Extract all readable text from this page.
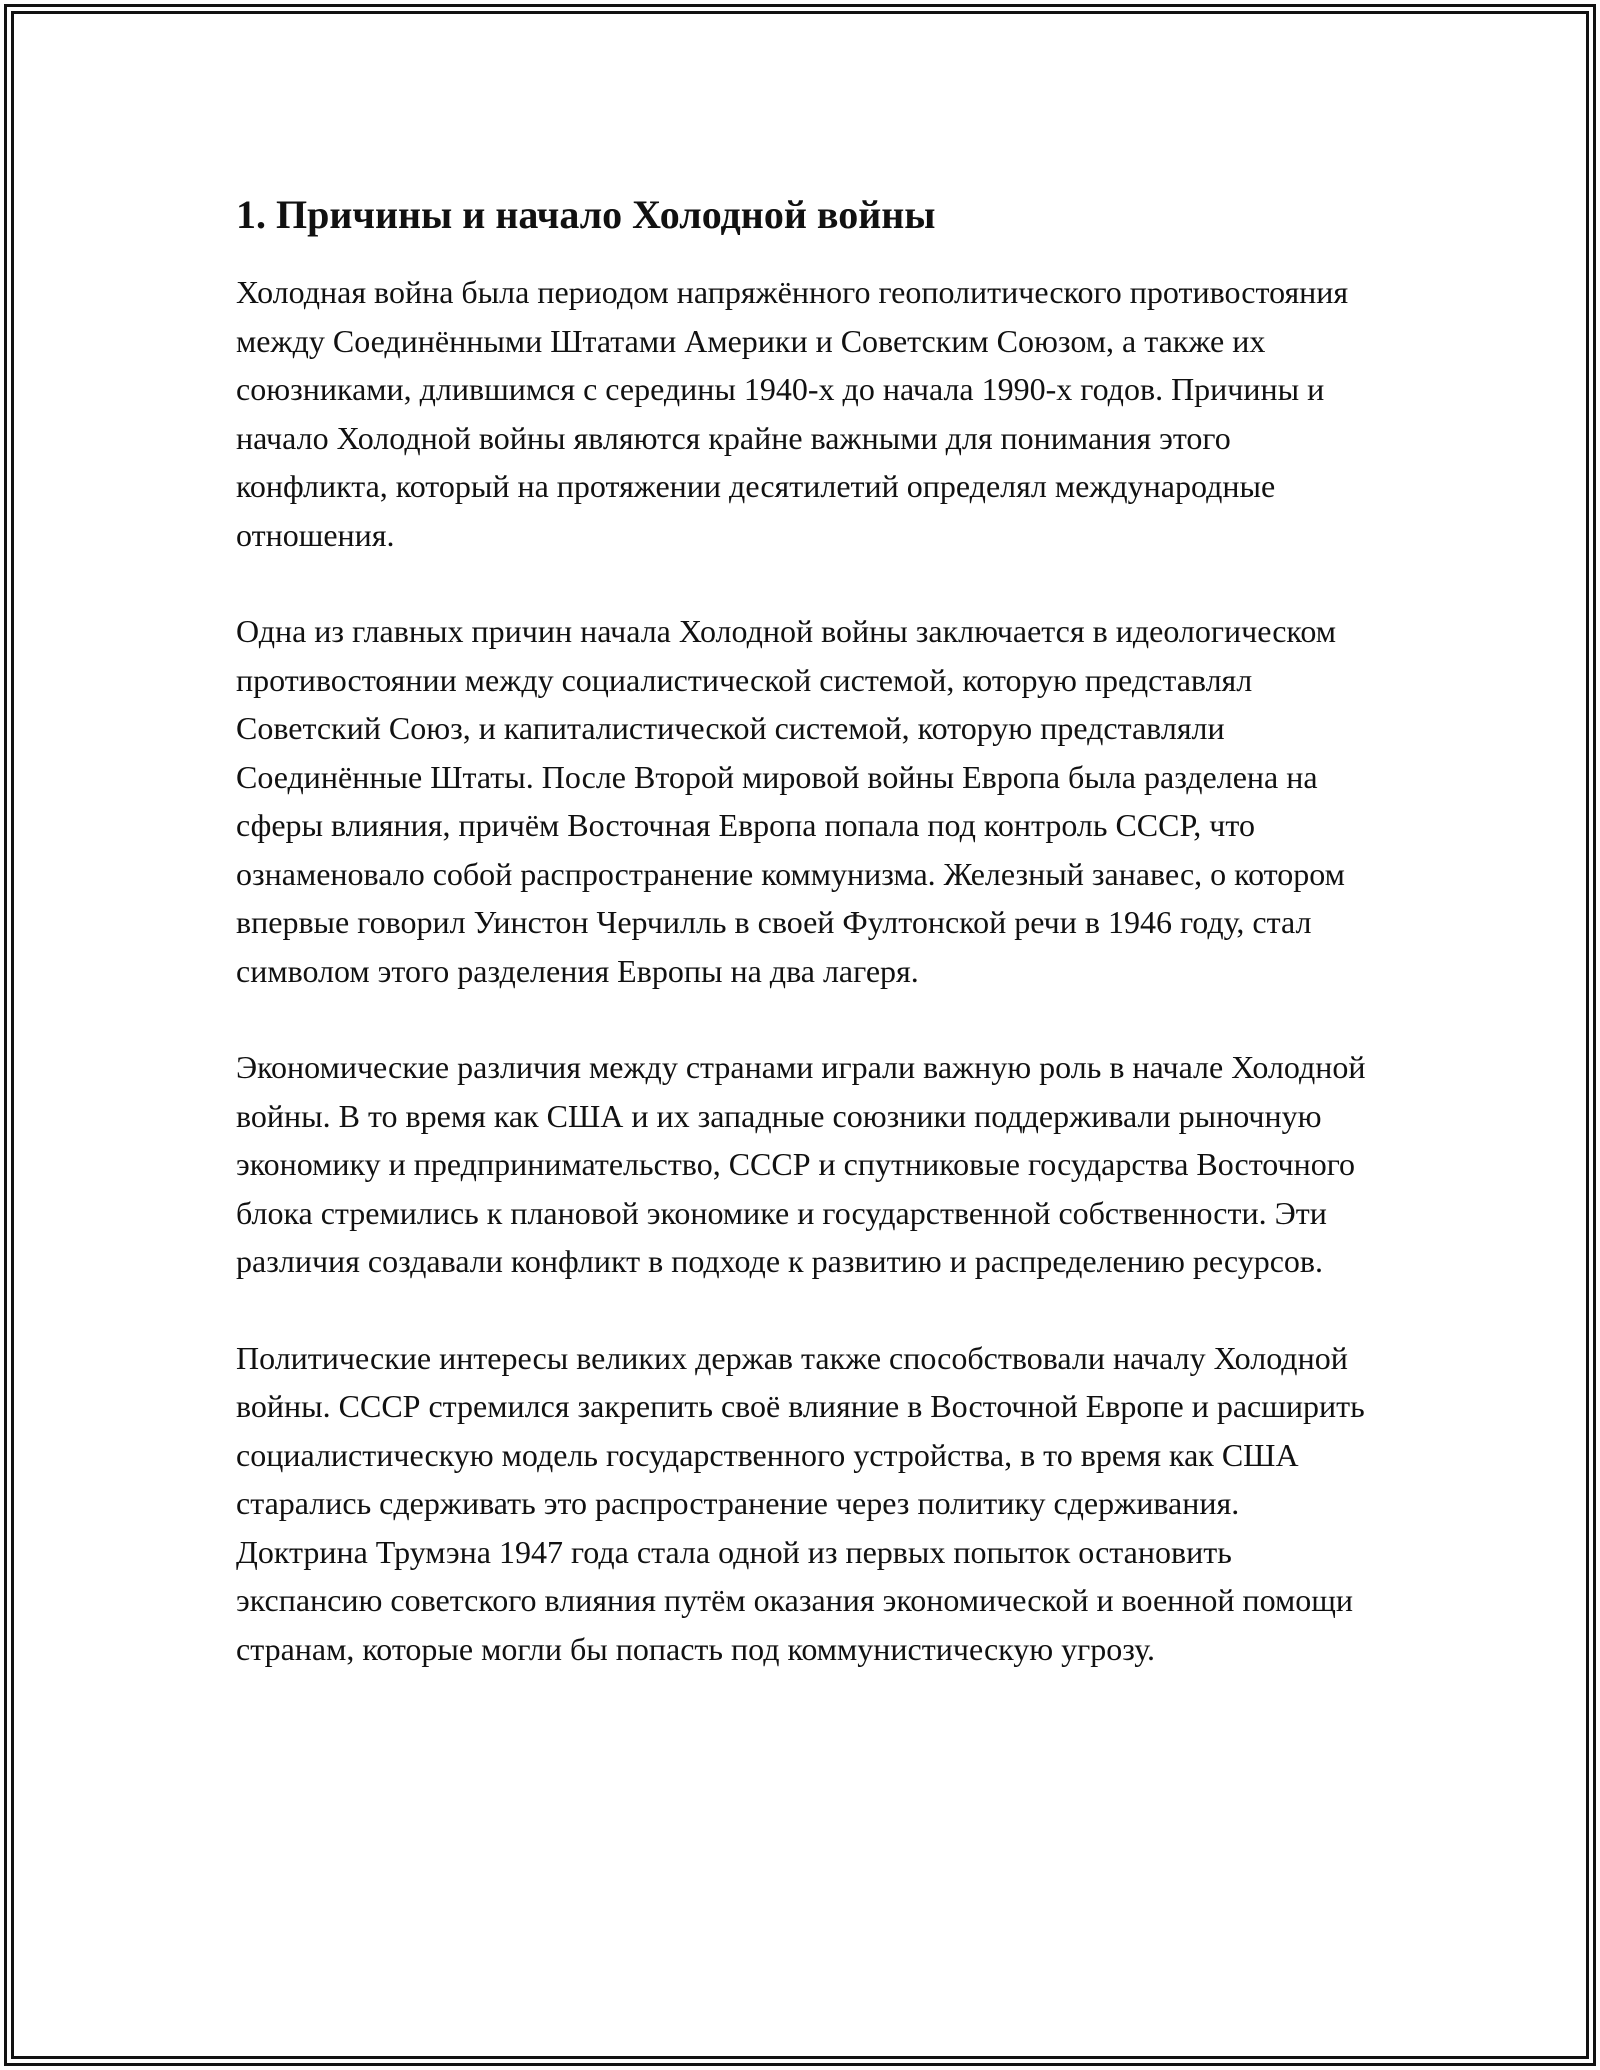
1. Причины и начало Холодной войны

Холодная война была периодом напряжённого геополитического противостояния между Соединёнными Штатами Америки и Советским Союзом, а также их союзниками, длившимся с середины 1940-х до начала 1990-х годов. Причины и начало Холодной войны являются крайне важными для понимания этого конфликта, который на протяжении десятилетий определял международные отношения.

Одна из главных причин начала Холодной войны заключается в идеологическом противостоянии между социалистической системой, которую представлял Советский Союз, и капиталистической системой, которую представляли Соединённые Штаты. После Второй мировой войны Европа была разделена на сферы влияния, причём Восточная Европа попала под контроль СССР, что ознаменовало собой распространение коммунизма. Железный занавес, о котором впервые говорил Уинстон Черчилль в своей Фултонской речи в 1946 году, стал символом этого разделения Европы на два лагеря.

Экономические различия между странами играли важную роль в начале Холодной войны. В то время как США и их западные союзники поддерживали рыночную экономику и предпринимательство, СССР и спутниковые государства Восточного блока стремились к плановой экономике и государственной собственности. Эти различия создавали конфликт в подходе к развитию и распределению ресурсов.

Политические интересы великих держав также способствовали началу Холодной войны. СССР стремился закрепить своё влияние в Восточной Европе и расширить социалистическую модель государственного устройства, в то время как США старались сдерживать это распространение через политику сдерживания. Доктрина Трумэна 1947 года стала одной из первых попыток остановить экспансию советского влияния путём оказания экономической и военной помощи странам, которые могли бы попасть под коммунистическую угрозу.
